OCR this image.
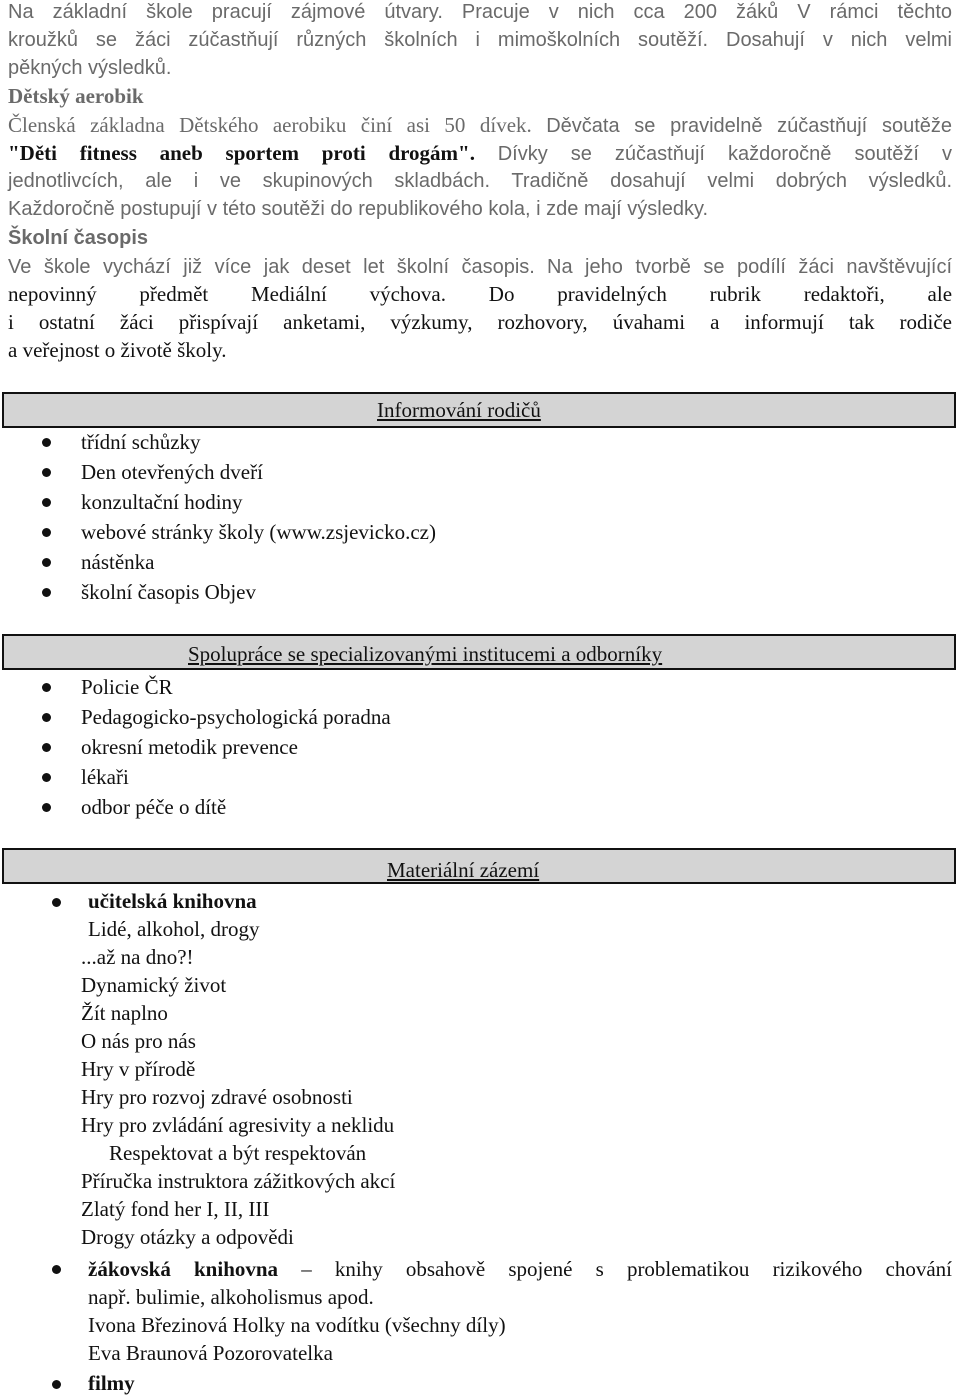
Na základní škole pracují zájmové útvary. Pracuje v nich cca 200 žáků V rámci těchto
kroužků se žáci zúčastňují různých školních i mimoškolních soutěží. Dosahují v nich velmi
pěkných výsledků.
Dětský aerobik
Členská základna Dětského aerobiku činí asi 50 dívek. Děvčata se pravidelně zúčastňují soutěže
"Děti fitness aneb sportem proti drogám". Dívky se zúčastňují každoročně soutěží v
jednotlivcích, ale i ve skupinových skladbách. Tradičně dosahují velmi dobrých výsledků.
Každoročně postupují v této soutěži do republikového kola, i zde mají výsledky.
Školní časopis
Ve škole vychází již více jak deset let školní časopis. Na jeho tvorbě se podílí žáci navštěvující
nepovinný předmět Mediální výchova. Do pravidelných rubrik redaktoři, ale
i ostatní žáci přispívají anketami, výzkumy, rozhovory, úvahami a informují tak rodiče
a veřejnost o životě školy.
Informování rodičů
třídní schůzky
Den otevřených dveří
konzultační hodiny
webové stránky školy (www.zsjevicko.cz)
nástěnka
školní časopis Objev
Spolupráce se specializovanými institucemi a odborníky
Policie ČR
Pedagogicko-psychologická poradna
okresní metodik prevence
lékaři
odbor péče o dítě
Materiální zázemí
učitelská knihovna
Lidé, alkohol, drogy
...až na dno?!
Dynamický život
Žít naplno
O nás pro nás
Hry v přírodě
Hry pro rozvoj zdravé osobnosti
Hry pro zvládání agresivity a neklidu
Respektovat a být respektován
Příručka instruktora zážitkových akcí
Zlatý fond her I, II, III
Drogy otázky a odpovědi
žákovská knihovna – knihy obsahově spojené s problematikou rizikového chování
např. bulimie, alkoholismus apod.
Ivona Březinová Holky na vodítku (všechny díly)
Eva Braunová Pozorovatelka
filmy
